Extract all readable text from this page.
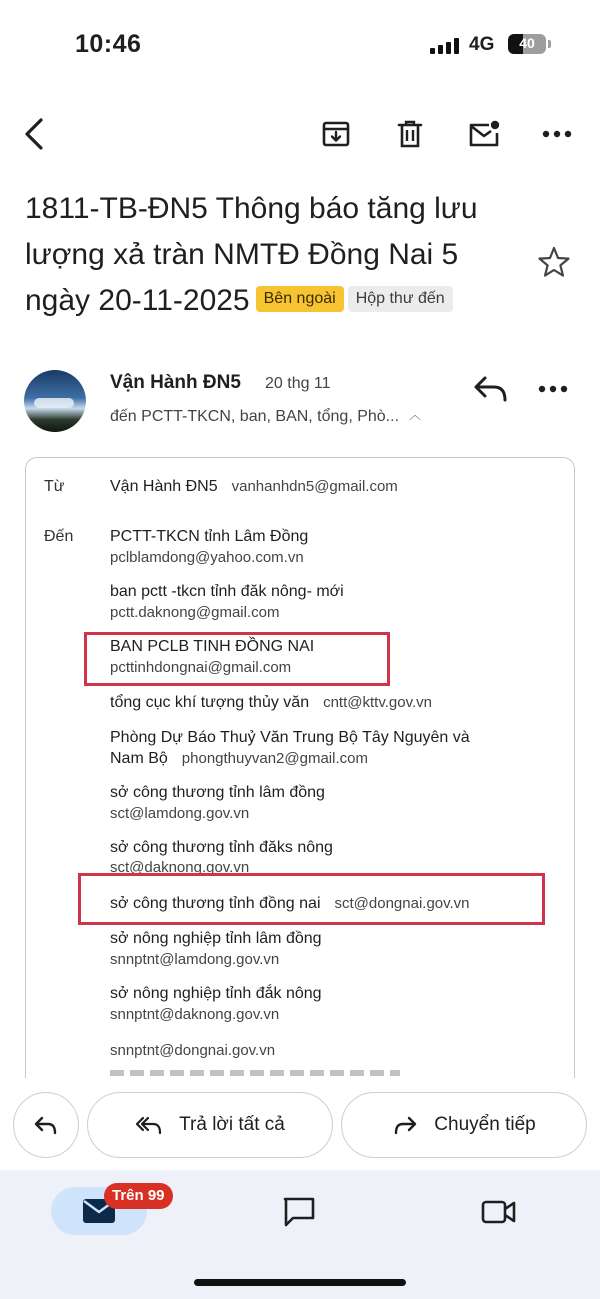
10:46	4G	40
1811-TB-ĐN5 Thông báo tăng lưu lượng xả tràn NMTĐ Đồng Nai 5 ngày 20-11-2025 Bên ngoài Hộp thư đến
Vận Hành ĐN5 20 thg 11
đến PCTT-TKCN, ban, BAN, tổng, Phò... ︿
Từ	Vận Hành ĐN5 vanhanhdn5@gmail.com
Đến PCTT-TKCN tỉnh Lâm Đồng
pclblamdong@yahoo.com.vn
ban pctt -tkcn tỉnh đăk nông- mới
pctt.daknong@gmail.com
BAN PCLB TINH ĐỒNG NAI
pcttinhdongnai@gmail.com
tổng cục khí tượng thủy văn cntt@kttv.gov.vn
Phòng Dự Báo Thuỷ Văn Trung Bộ Tây Nguyên và
Nam Bộ phongthuyvan2@gmail.com
sở công thương tỉnh lâm đồng
sct@lamdong.gov.vn
sở công thương tỉnh đăks nông
sct@daknong.gov.vn
sở công thương tỉnh đồng nai sct@dongnai.gov.vn
sở nông nghiệp tỉnh lâm đồng
snnptnt@lamdong.gov.vn
sở nông nghiệp tỉnh đắk nông
snnptnt@daknong.gov.vn
snnptnt@dongnai.gov.vn
Trả lời tất cả	Chuyển tiếp
Trên 99
